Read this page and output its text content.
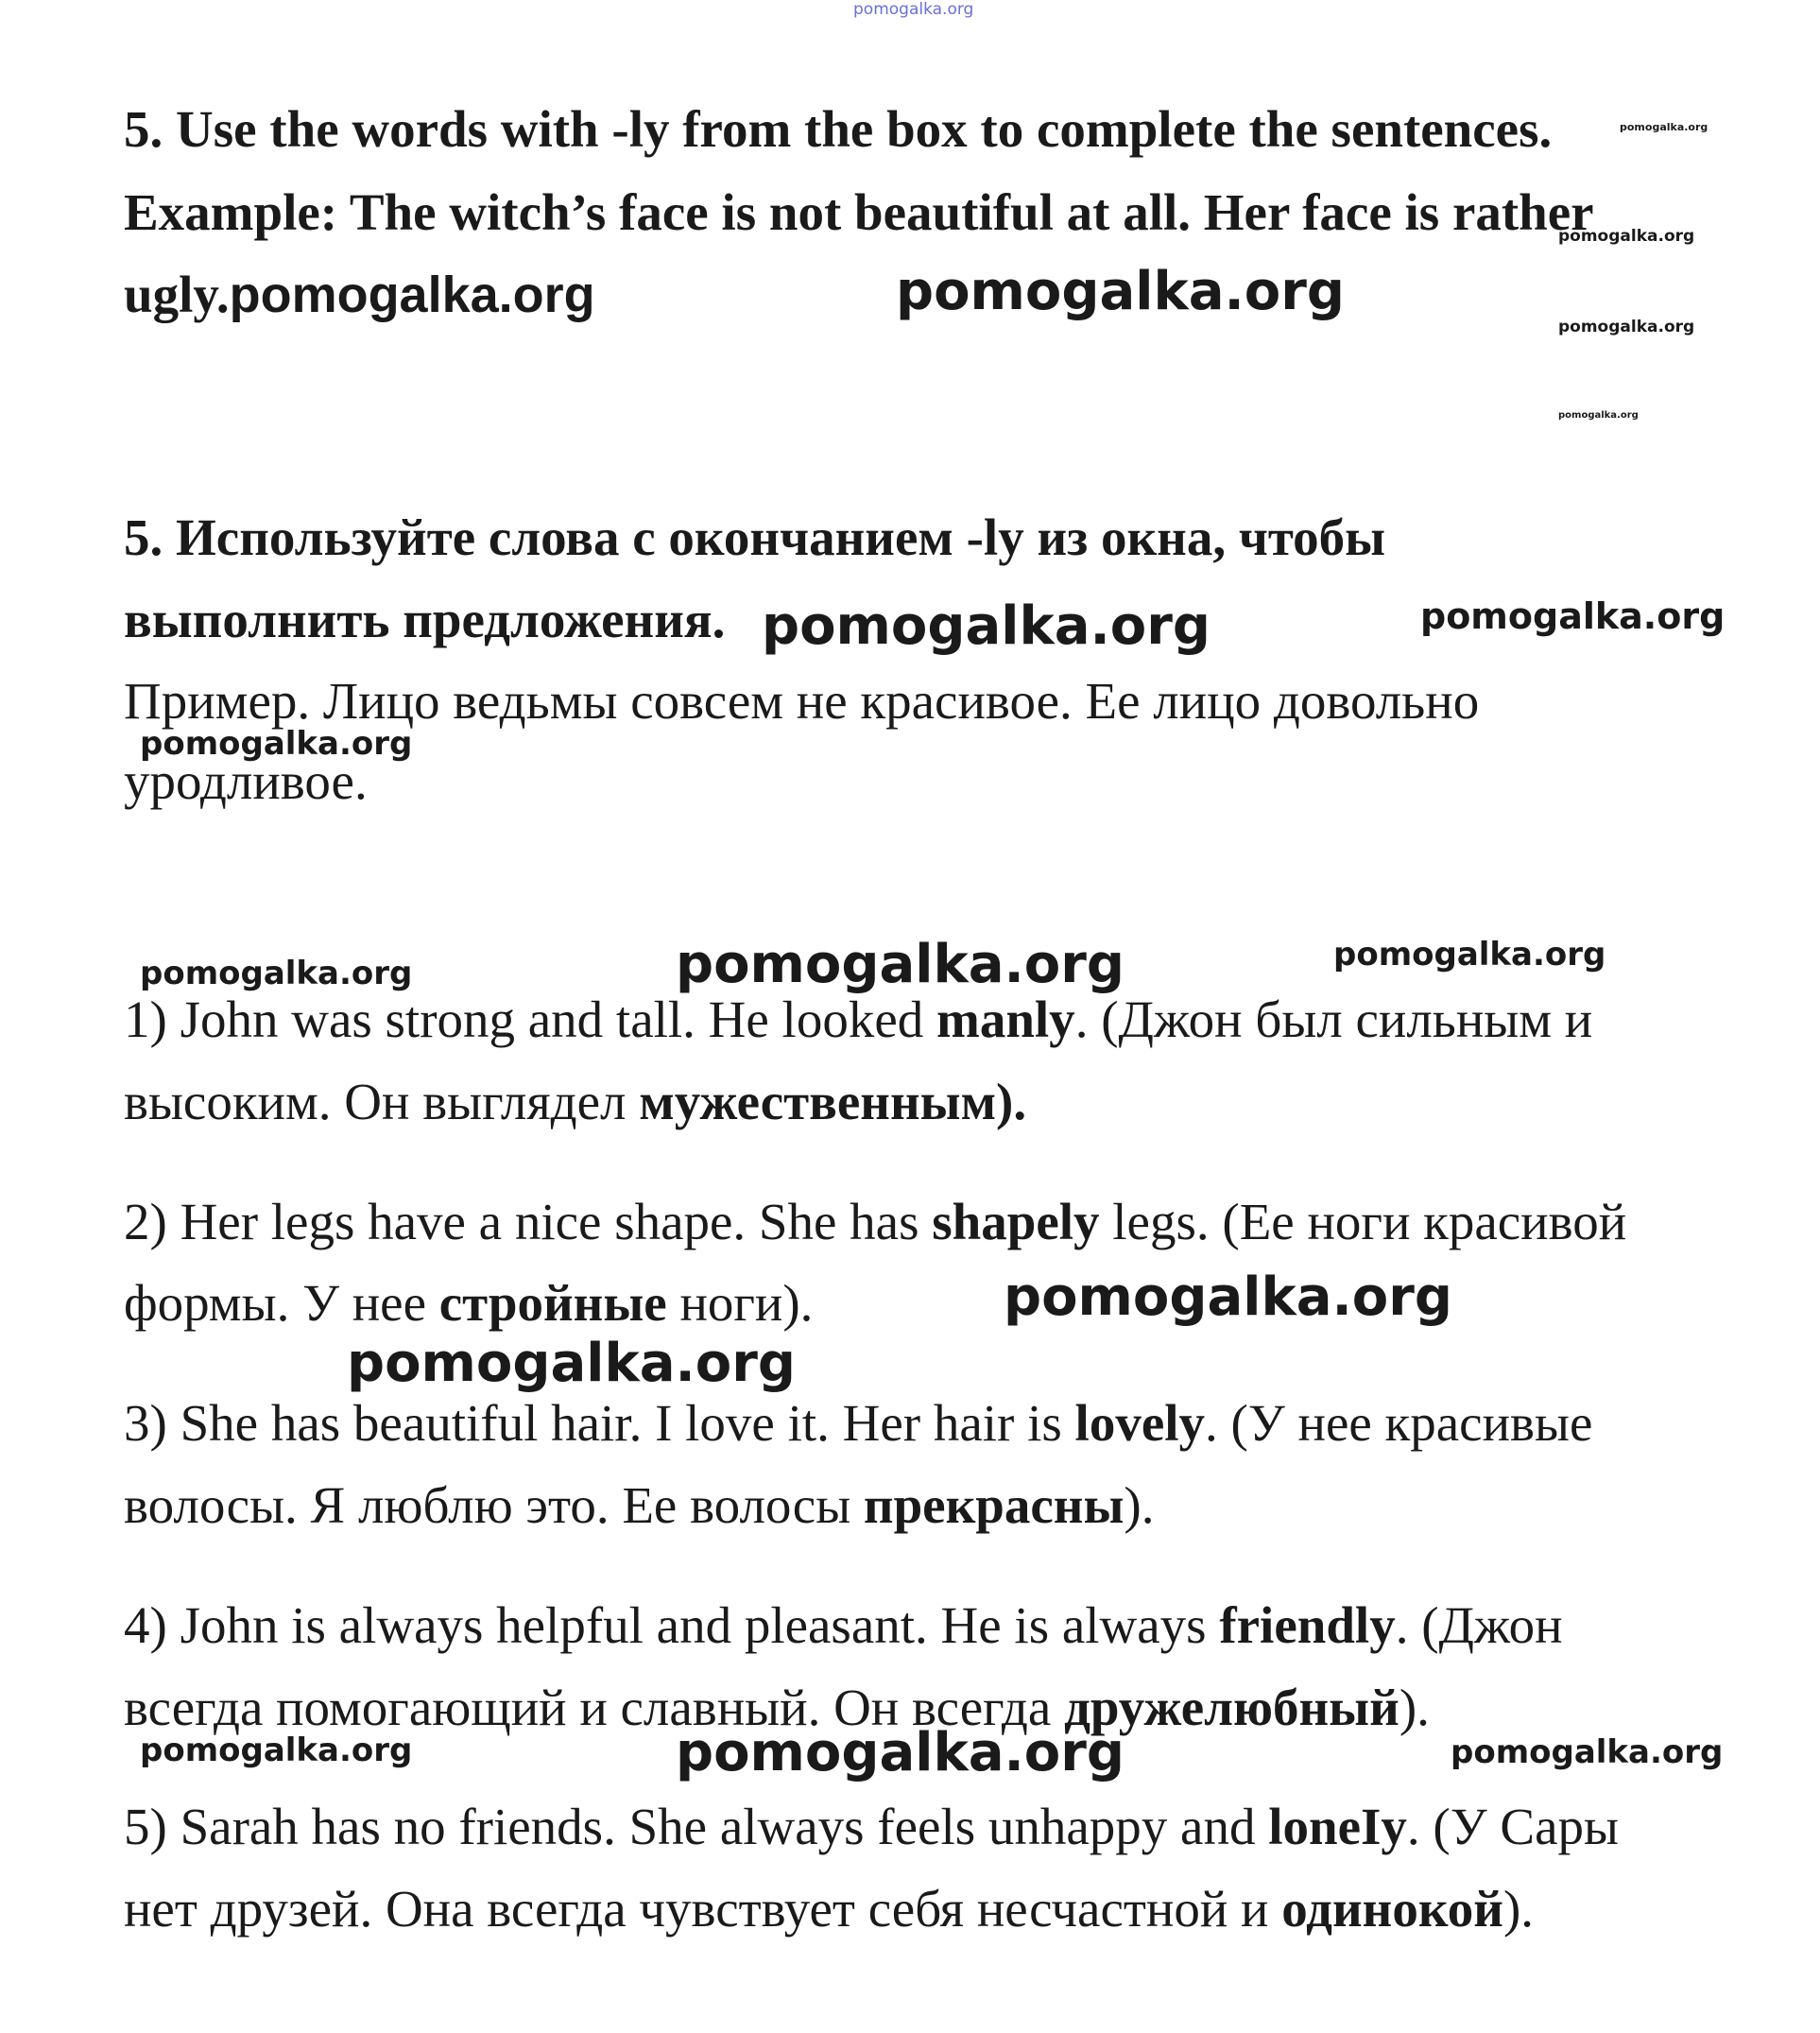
pomogalka.org
5. Use the words with -ly from the box to complete the sentences.
Example: The witch’s face is not beautiful at all. Her face is rather
ugly.pomogalka.org	pomogalka.org
pomogalka.org
pomogalka.org
pomogalka.org
pomogalka.org
5. Используйте слова с окончанием -ly из окна, чтобы
выполнить предложения. pomogalka.org	pomogalka.org
Пример. Лицо ведьмы совсем не красивое. Ее лицо довольно
pomogalka.org
уродливое.
pomogalka.org	pomogalka.org	pomogalka.org
1) John was strong and tall. He looked manly. (Джон был сильным и
высоким. Он выглядел мужественным).
2) Her legs have a nice shape. She has shapely legs. (Ее ноги красивой
формы. У нее стройные ноги).	pomogalka.org
pomogalka.org
3) She has beautiful hair. I love it. Her hair is lovely. (У нее красивые
волосы. Я люблю это. Ее волосы прекрасны).
4) John is always helpful and pleasant. He is always friendly. (Джон
всегда помогающий и славный. Он всегда дружелюбный).
pomogalka.org	pomogalka.org	pomogalka.org
5) Sarah has no friends. She always feels unhappy and loneIy. (У Сары
нет друзей. Она всегда чувствует себя несчастной и одинокой).
